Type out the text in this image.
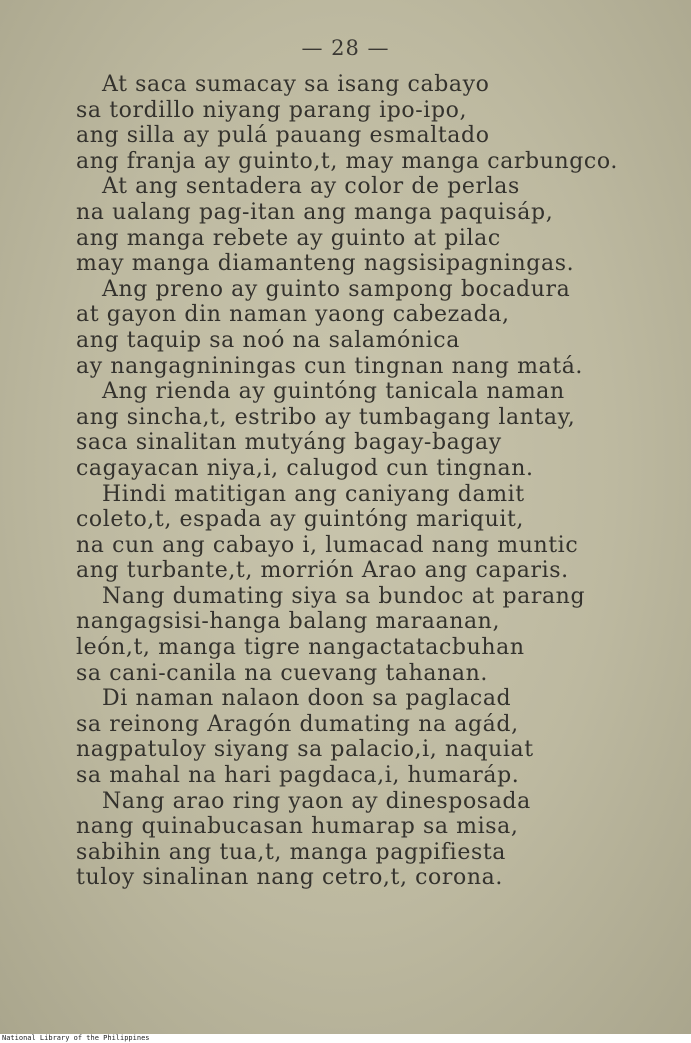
— 28 —
At saca sumacay sa isang cabayo
sa tordillo niyang parang ipo-ipo,
ang silla ay pulá pauang esmaltado
ang franja ay guinto,t, may manga carbungco.
At ang sentadera ay color de perlas
na ualang pag-itan ang manga paquisáp,
ang manga rebete ay guinto at pilac
may manga diamanteng nagsisipagningas.
Ang preno ay guinto sampong bocadura
at gayon din naman yaong cabezada,
ang taquip sa noó na salamónica
ay nangagniningas cun tingnan nang matá.
Ang rienda ay guintóng tanicala naman
ang sincha,t, estribo ay tumbagang lantay,
saca sinalitan mutyáng bagay-bagay
cagayacan niya,i, calugod cun tingnan.
Hindi matitigan ang caniyang damit
coleto,t, espada ay guintóng mariquit,
na cun ang cabayo i, lumacad nang muntic
ang turbante,t, morrión Arao ang caparis.
Nang dumating siya sa bundoc at parang
nangagsisi-hanga balang maraanan,
león,t, manga tigre nangactatacbuhan
sa cani-canila na cuevang tahanan.
Di naman nalaon doon sa paglacad
sa reinong Aragón dumating na agád,
nagpatuloy siyang sa palacio,i, naquiat
sa mahal na hari pagdaca,i, humaráp.
Nang arao ring yaon ay dinesposada
nang quinabucasan humarap sa misa,
sabihin ang tua,t, manga pagpifiesta
tuloy sinalinan nang cetro,t, corona.
National Library of the Philippines
